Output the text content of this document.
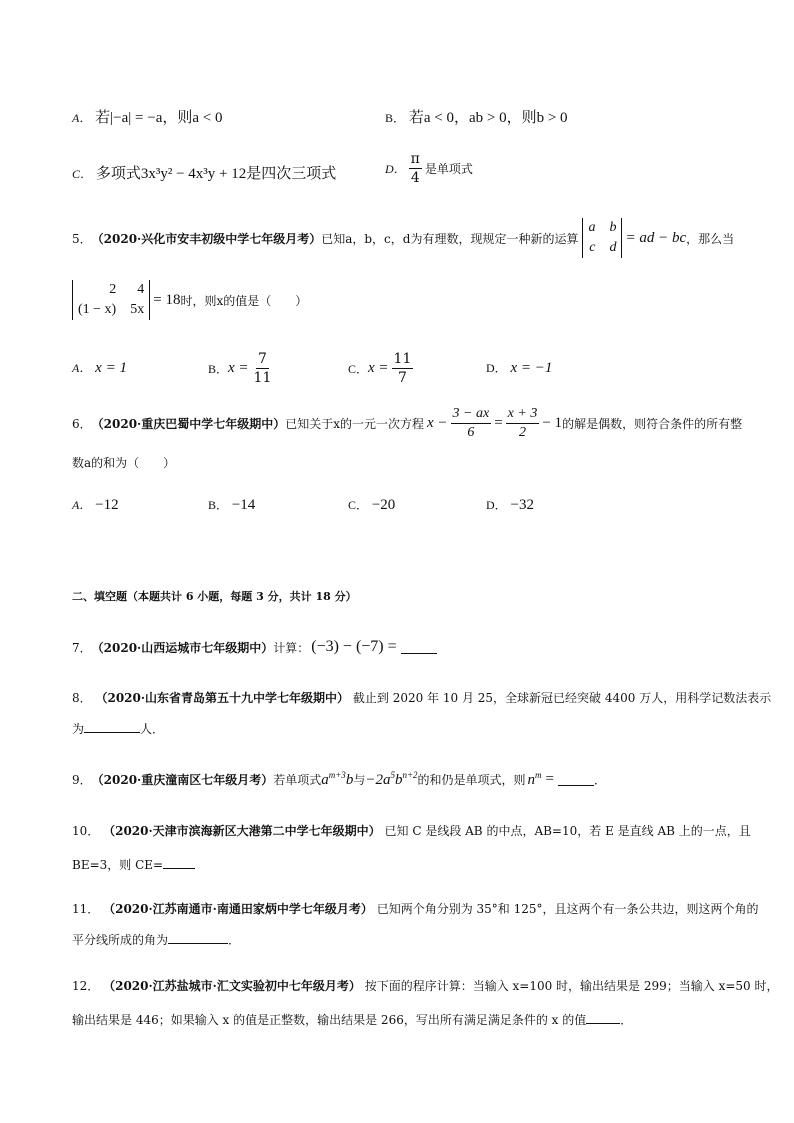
A． 若|−a| = −a，则a < 0	B． 若a < 0，ab > 0，则b > 0
C． 多项式3x³y² − 4x³y + 12是四次三项式	D． $\frac{\pi}{4}$ 是单项式
5． （2020·兴化市安丰初级中学七年级月考） 已知a，b，c，d为有理数，现规定一种新的运算
a b
c d
= ad − bc ，那么当
2	4
(1 − x) 5x
= 18 时，则x的值是（　　）
A． x = 1	B． $x = \frac{7}{11}$	C． $x = \frac{11}{7}$	D． x = −1
6． （2020·重庆巴蜀中学七年级期中） 已知关于x的一元一次方程 $x - \frac{3 - ax}{6} = \frac{x + 3}{2} - 1$ 的解是偶数，则符合条件的所有整
数a的和为（　　）
A． −12	B． −14	C． −20	D． −32
二、填空题（本题共计 6 小题，每题 3 分，共计 18 分）
7． （2020·山西运城市七年级期中） 计算： (−3) − (−7) =
8． （2020·山东省青岛第五十九中学七年级期中） 截止到 2020 年 10 月 25，全球新冠已经突破 4400 万人，用科学记数法表示
为	人．
9． （2020·重庆潼南区七年级月考） 若单项式 $a^{m+3}b$ 与 $-2a^5b^{n+2}$ 的和仍是单项式，则 $n^m$ =	．
10． （2020·天津市滨海新区大港第二中学七年级期中） 已知 C 是线段 AB 的中点，AB=10，若 E 是直线 AB 上的一点，且
BE=3，则 CE=
11． （2020·江苏南通市·南通田家炳中学七年级月考） 已知两个角分别为 35°和 125°，且这两个有一条公共边，则这两个角的
平分线所成的角为	．
12． （2020·江苏盐城市·汇文实验初中七年级月考） 按下面的程序计算：当输入 x=100 时，输出结果是 299；当输入 x=50 时，
输出结果是 446；如果输入 x 的值是正整数，输出结果是 266，写出所有满足满足条件的 x 的值	．
